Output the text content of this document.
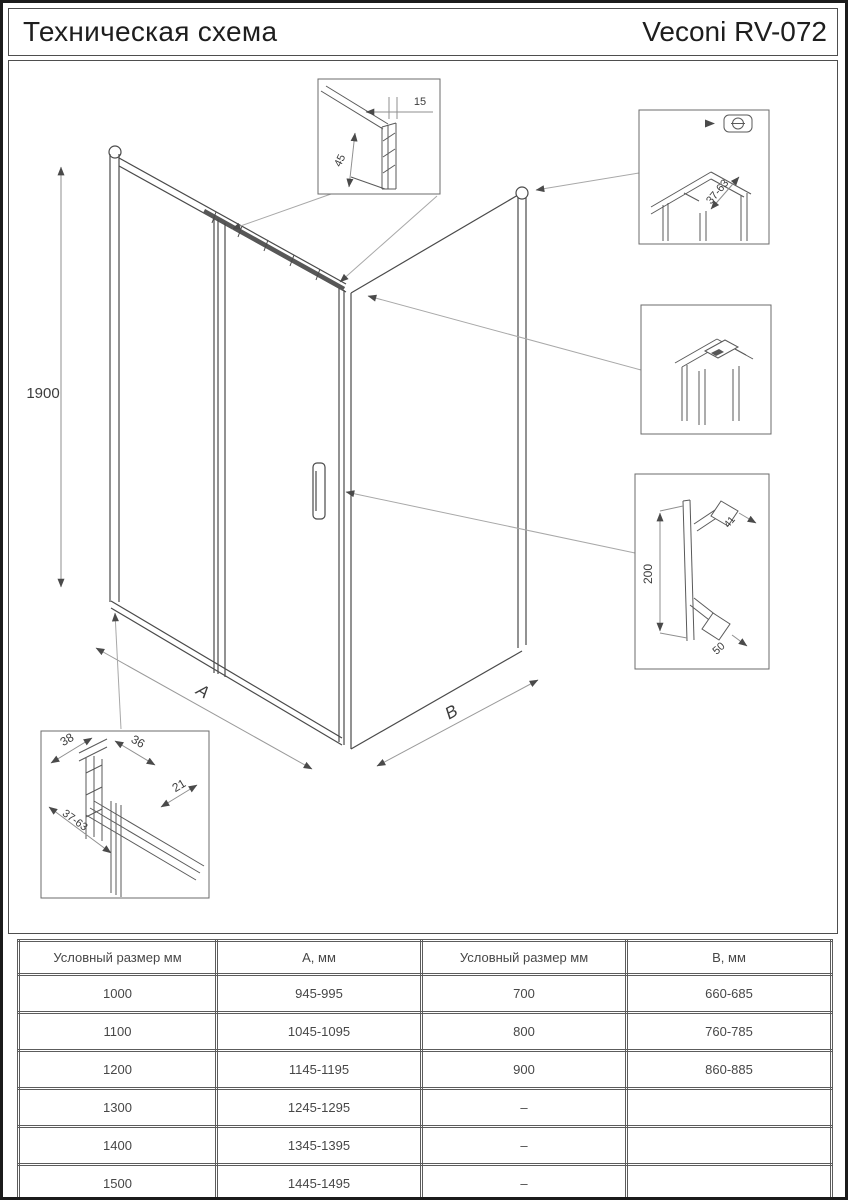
Техническая схема	Veconi RV-072
1900
A
B
15
45
37-63
200
41
50
38	36
21
37-63
Условный размер мм	А, мм	Условный размер мм	В, мм
1000	945-995	700	660-685
1100	1045-1095	800	760-785
1200	1145-1195	900	860-885
1300	1245-1295	–	
1400	1345-1395	–	
1500	1445-1495	–	
